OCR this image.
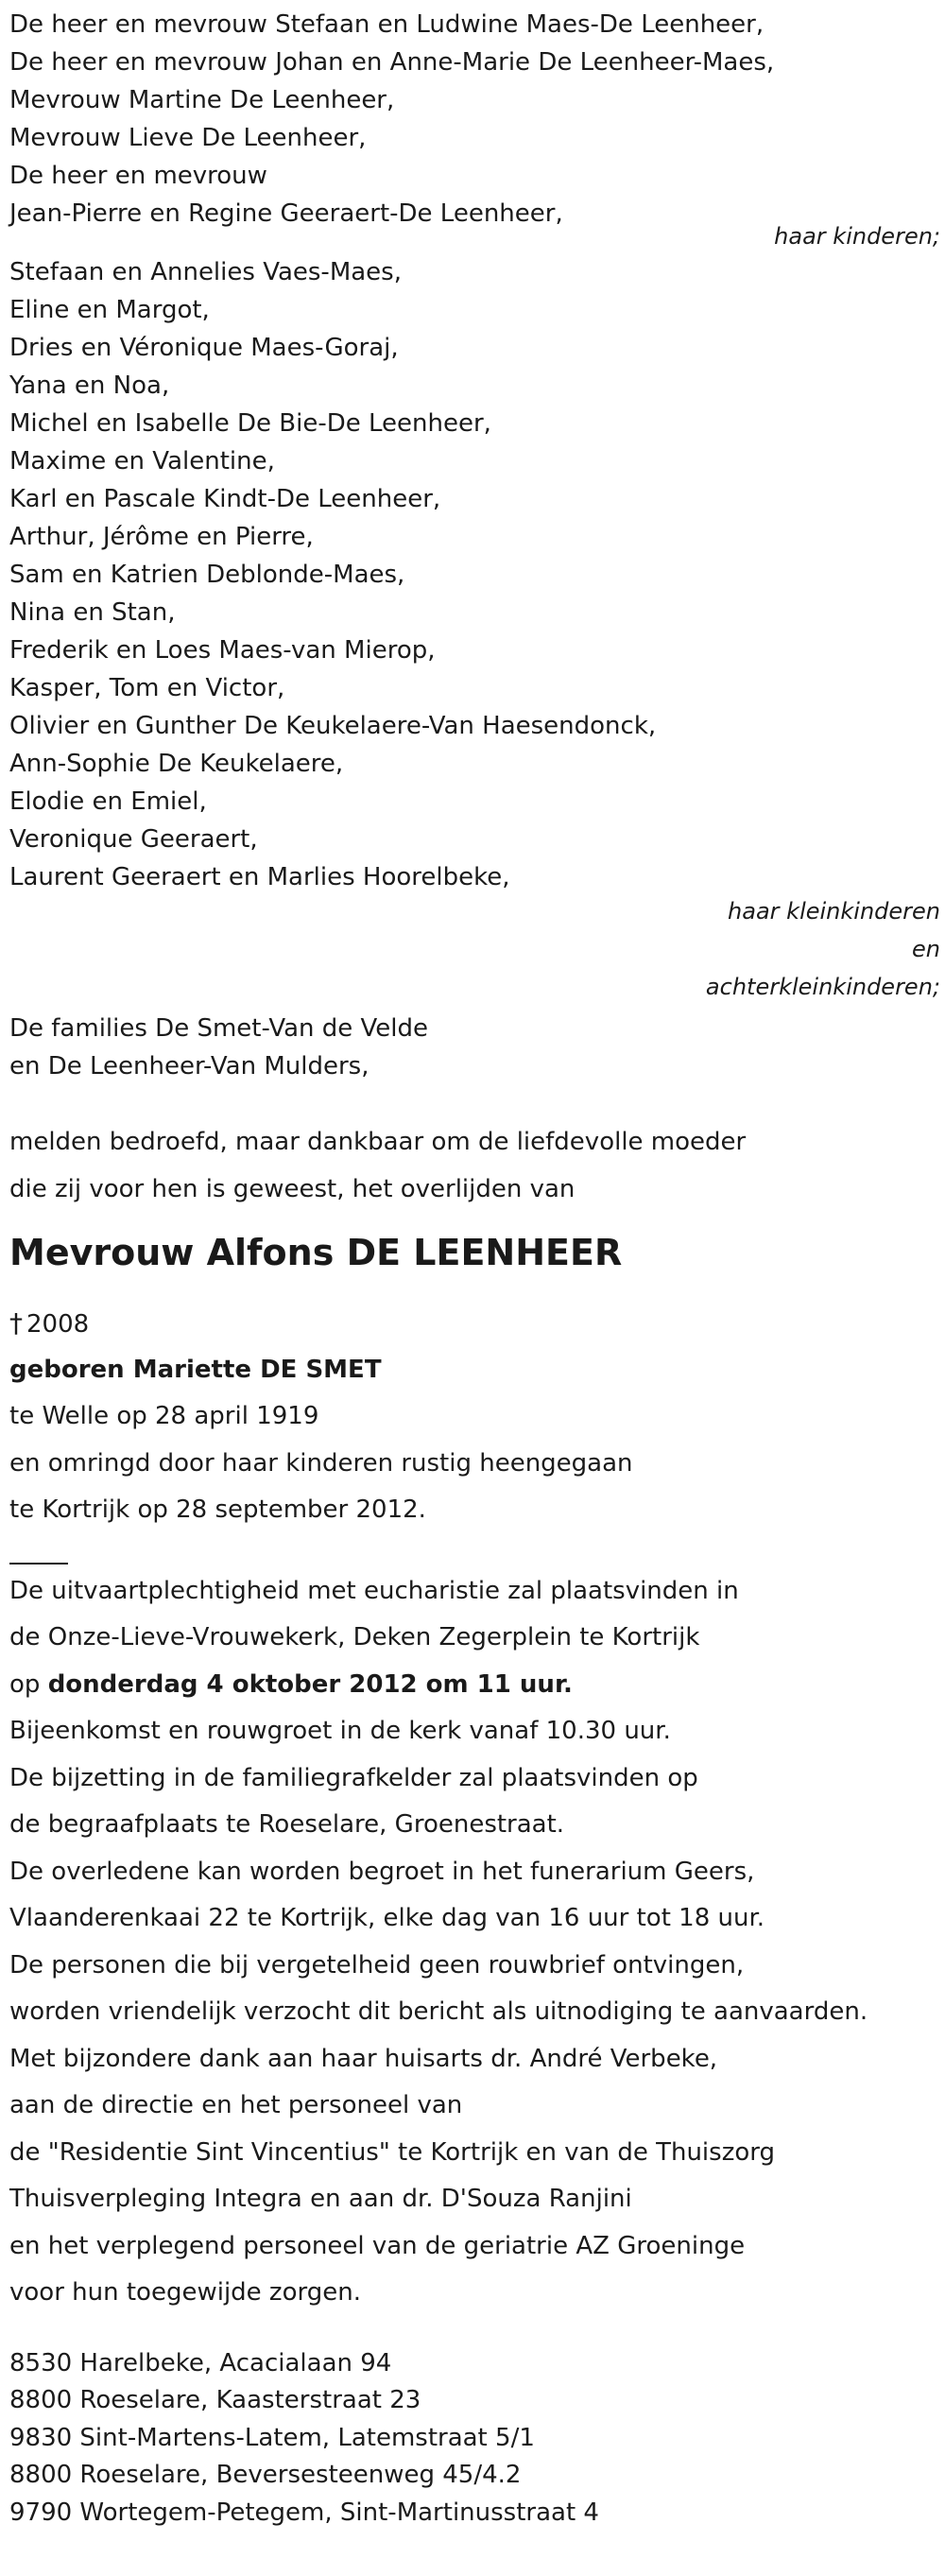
De heer en mevrouw Stefaan en Ludwine Maes-De Leenheer,
De heer en mevrouw Johan en Anne-Marie De Leenheer-Maes,
Mevrouw Martine De Leenheer,
Mevrouw Lieve De Leenheer,
De heer en mevrouw
Jean-Pierre en Regine Geeraert-De Leenheer,
haar kinderen;
Stefaan en Annelies Vaes-Maes,
Eline en Margot,
Dries en Véronique Maes-Goraj,
Yana en Noa,
Michel en Isabelle De Bie-De Leenheer,
Maxime en Valentine,
Karl en Pascale Kindt-De Leenheer,
Arthur, Jérôme en Pierre,
Sam en Katrien Deblonde-Maes,
Nina en Stan,
Frederik en Loes Maes-van Mierop,
Kasper, Tom en Victor,
Olivier en Gunther De Keukelaere-Van Haesendonck,
Ann-Sophie De Keukelaere,
Elodie en Emiel,
Veronique Geeraert,
Laurent Geeraert en Marlies Hoorelbeke,
haar kleinkinderen
en
achterkleinkinderen;
De families De Smet-Van de Velde
en De Leenheer-Van Mulders,
melden bedroefd, maar dankbaar om de liefdevolle moeder
die zij voor hen is geweest, het overlijden van
Mevrouw Alfons DE LEENHEER
† 2008
geboren Mariette DE SMET
te Welle op 28 april 1919
en omringd door haar kinderen rustig heengegaan
te Kortrijk op 28 september 2012.
De uitvaartplechtigheid met eucharistie zal plaatsvinden in
de Onze-Lieve-Vrouwekerk, Deken Zegerplein te Kortrijk
op donderdag 4 oktober 2012 om 11 uur.
Bijeenkomst en rouwgroet in de kerk vanaf 10.30 uur.
De bijzetting in de familiegrafkelder zal plaatsvinden op
de begraafplaats te Roeselare, Groenestraat.
De overledene kan worden begroet in het funerarium Geers,
Vlaanderenkaai 22 te Kortrijk, elke dag van 16 uur tot 18 uur.
De personen die bij vergetelheid geen rouwbrief ontvingen,
worden vriendelijk verzocht dit bericht als uitnodiging te aanvaarden.
Met bijzondere dank aan haar huisarts dr. André Verbeke,
aan de directie en het personeel van
de "Residentie Sint Vincentius" te Kortrijk en van de Thuiszorg
Thuisverpleging Integra en aan dr. D'Souza Ranjini
en het verplegend personeel van de geriatrie AZ Groeninge
voor hun toegewijde zorgen.
8530 Harelbeke, Acacialaan 94
8800 Roeselare, Kaasterstraat 23
9830 Sint-Martens-Latem, Latemstraat 5/1
8800 Roeselare, Beversesteenweg 45/4.2
9790 Wortegem-Petegem, Sint-Martinusstraat 4
